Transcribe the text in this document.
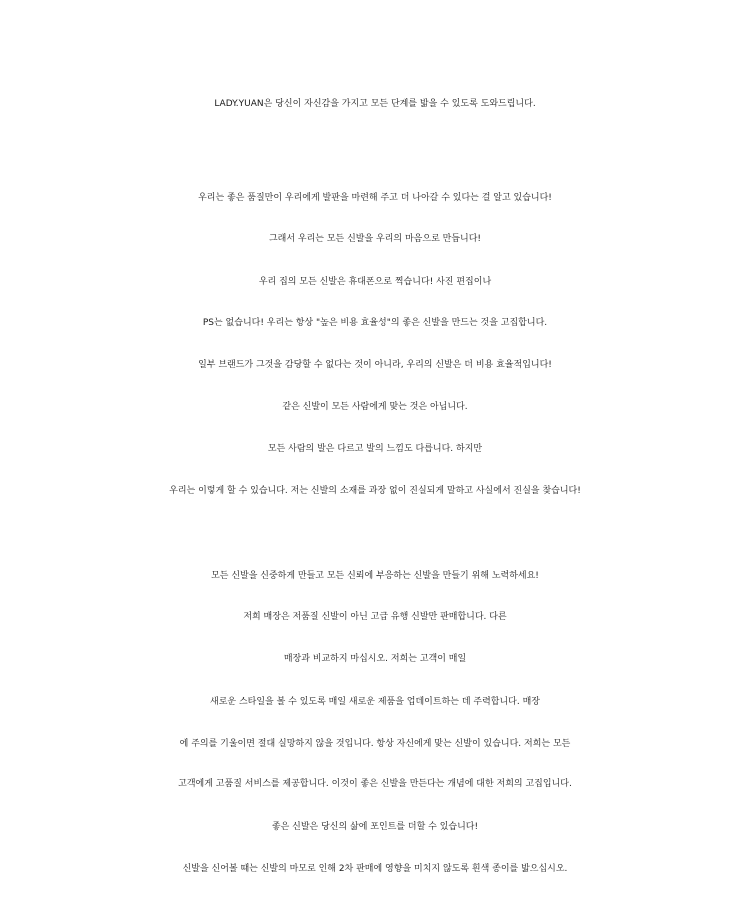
LADY.YUAN은 당신이 자신감을 가지고 모든 단계를 밟을 수 있도록 도와드립니다.
우리는 좋은 품질만이 우리에게 발판을 마련해 주고 더 나아갈 수 있다는 걸 알고 있습니다!
그래서 우리는 모든 신발을 우리의 마음으로 만듭니다!
우리 집의 모든 신발은 휴대폰으로 찍습니다! 사진 편집이나
PS는 없습니다! 우리는 항상 "높은 비용 효율성"의 좋은 신발을 만드는 것을 고집합니다.
일부 브랜드가 그것을 감당할 수 없다는 것이 아니라, 우리의 신발은 더 비용 효율적입니다!
같은 신발이 모든 사람에게 맞는 것은 아닙니다.
모든 사람의 발은 다르고 발의 느낌도 다릅니다. 하지만
우리는 이렇게 할 수 있습니다. 저는 신발의 소재를 과장 없이 진실되게 말하고 사실에서 진실을 찾습니다!
모든 신발을 신중하게 만들고 모든 신뢰에 부응하는 신발을 만들기 위해 노력하세요!
저희 매장은 저품질 신발이 아닌 고급 유행 신발만 판매합니다. 다른
매장과 비교하지 마십시오. 저희는 고객이 매일
새로운 스타일을 볼 수 있도록 매일 새로운 제품을 업데이트하는 데 주력합니다. 매장
에 주의를 기울이면 절대 실망하지 않을 것입니다. 항상 자신에게 맞는 신발이 있습니다. 저희는 모든
고객에게 고품질 서비스를 제공합니다. 이것이 좋은 신발을 만든다는 개념에 대한 저희의 고집입니다.
좋은 신발은 당신의 삶에 포인트를 더할 수 있습니다!
신발을 신어볼 때는 신발의 마모로 인해 2차 판매에 영향을 미치지 않도록 흰색 종이를 밟으십시오.
